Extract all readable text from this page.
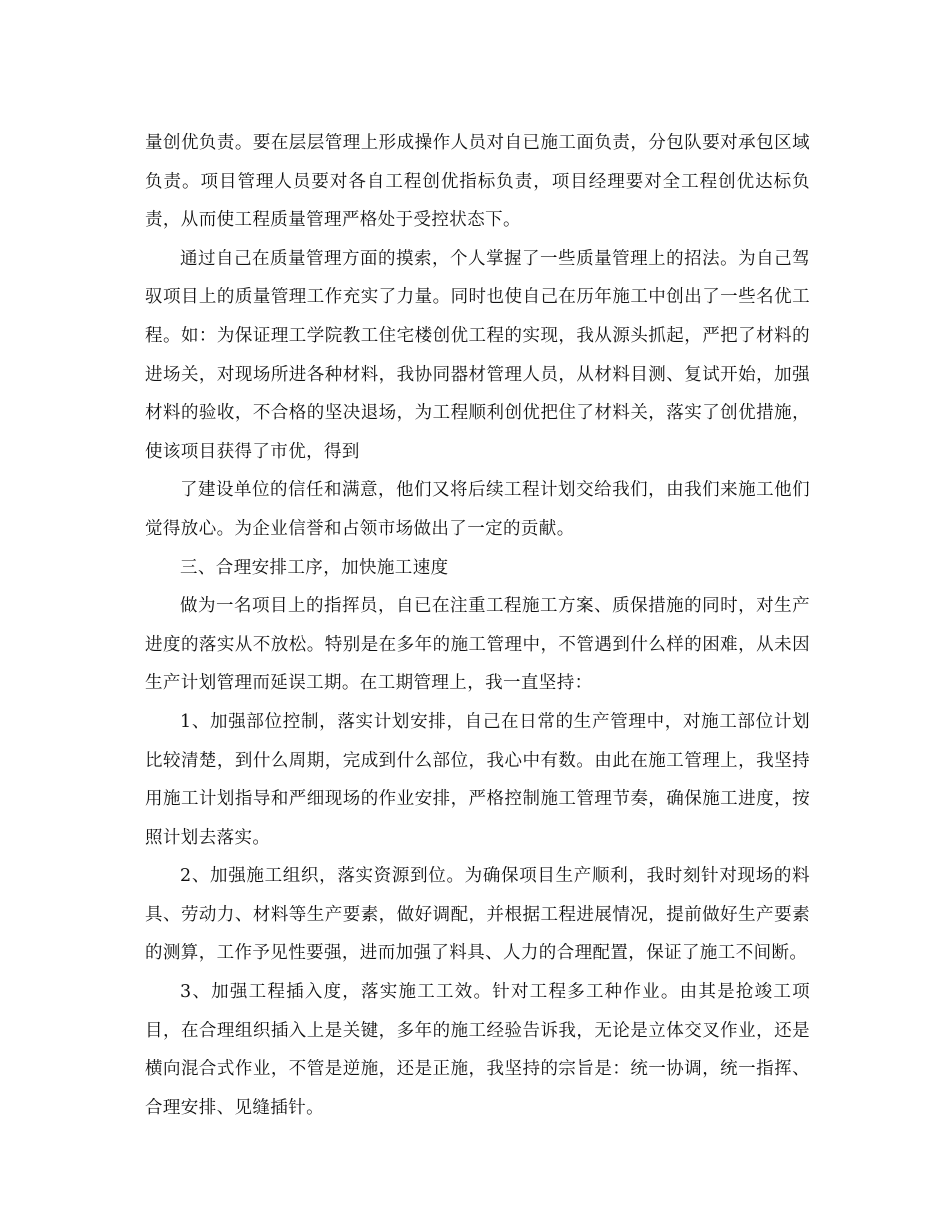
量创优负责。要在层层管理上形成操作人员对自已施工面负责，分包队要对承包区域负责。项目管理人员要对各自工程创优指标负责，项目经理要对全工程创优达标负责，从而使工程质量管理严格处于受控状态下。

通过自己在质量管理方面的摸索，个人掌握了一些质量管理上的招法。为自己驾驭项目上的质量管理工作充实了力量。同时也使自己在历年施工中创出了一些名优工程。如：为保证理工学院教工住宅楼创优工程的实现，我从源头抓起，严把了材料的进场关，对现场所进各种材料，我协同器材管理人员，从材料目测、复试开始，加强材料的验收，不合格的坚决退场，为工程顺利创优把住了材料关，落实了创优措施，使该项目获得了市优，得到

了建设单位的信任和满意，他们又将后续工程计划交给我们，由我们来施工他们觉得放心。为企业信誉和占领市场做出了一定的贡献。

三、合理安排工序，加快施工速度

做为一名项目上的指挥员，自已在注重工程施工方案、质保措施的同时，对生产进度的落实从不放松。特别是在多年的施工管理中，不管遇到什么样的困难，从未因生产计划管理而延误工期。在工期管理上，我一直坚持：

1、加强部位控制，落实计划安排，自己在日常的生产管理中，对施工部位计划比较清楚，到什么周期，完成到什么部位，我心中有数。由此在施工管理上，我坚持用施工计划指导和严细现场的作业安排，严格控制施工管理节奏，确保施工进度，按照计划去落实。

2、加强施工组织，落实资源到位。为确保项目生产顺利，我时刻针对现场的料具、劳动力、材料等生产要素，做好调配，并根据工程进展情况，提前做好生产要素的测算，工作予见性要强，进而加强了料具、人力的合理配置，保证了施工不间断。

3、加强工程插入度，落实施工工效。针对工程多工种作业。由其是抢竣工项目，在合理组织插入上是关键，多年的施工经验告诉我，无论是立体交叉作业，还是横向混合式作业，不管是逆施，还是正施，我坚持的宗旨是：统一协调，统一指挥、合理安排、见缝插针。
